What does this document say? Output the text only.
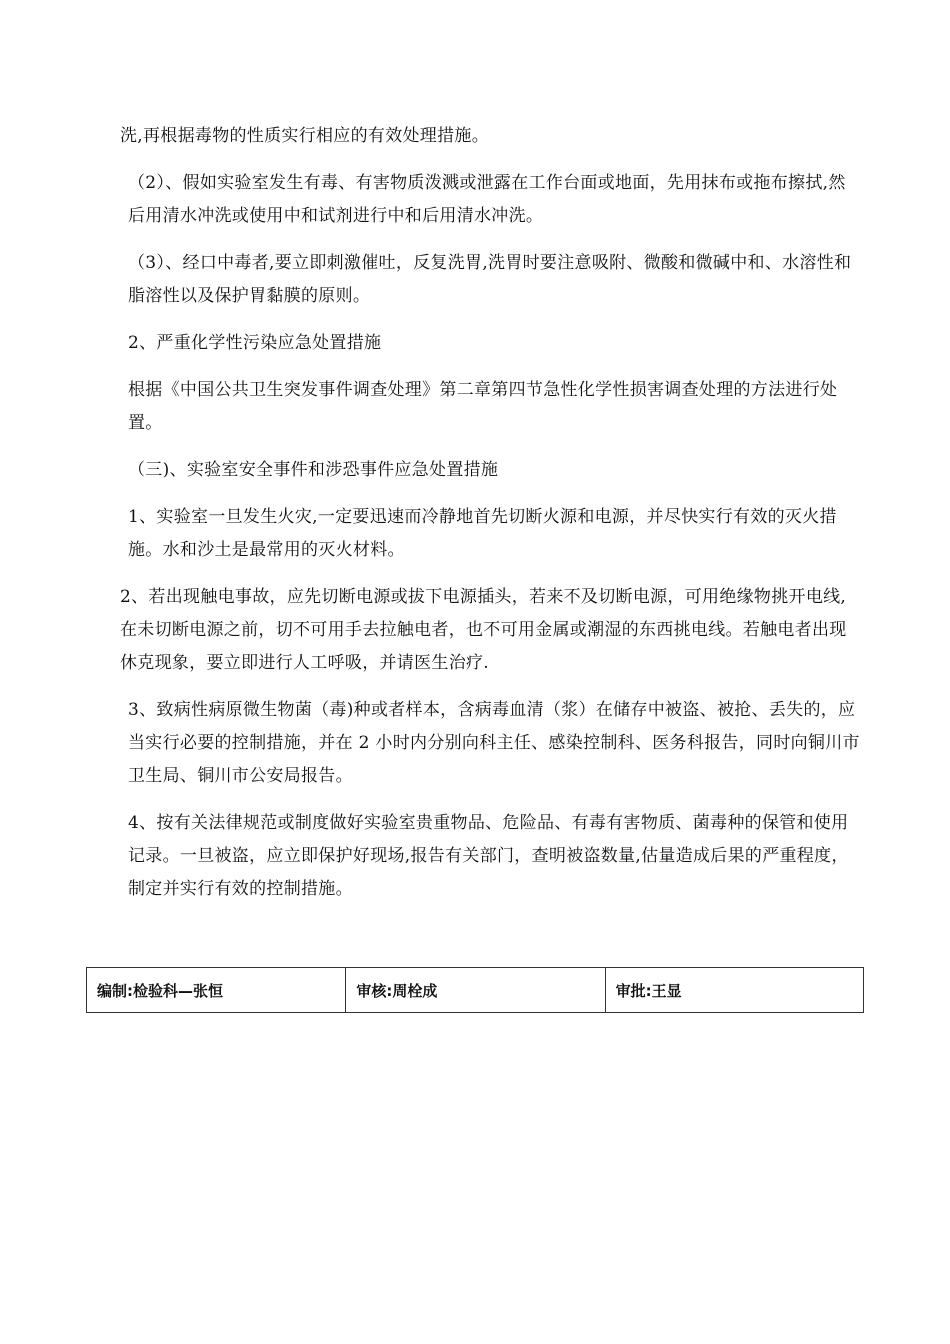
洗,再根据毒物的性质实行相应的有效处理措施。

（2）、假如实验室发生有毒、有害物质泼溅或泄露在工作台面或地面，先用抹布或拖布擦拭,然后用清水冲洗或使用中和试剂进行中和后用清水冲洗。

（3）、经口中毒者,要立即刺激催吐，反复洗胃,洗胃时要注意吸附、微酸和微碱中和、水溶性和脂溶性以及保护胃黏膜的原则。

2、严重化学性污染应急处置措施

根据《中国公共卫生突发事件调查处理》第二章第四节急性化学性损害调查处理的方法进行处置。

（三)、实验室安全事件和涉恐事件应急处置措施

1、实验室一旦发生火灾,一定要迅速而冷静地首先切断火源和电源，并尽快实行有效的灭火措施。水和沙土是最常用的灭火材料。

2、若出现触电事故，应先切断电源或拔下电源插头，若来不及切断电源，可用绝缘物挑开电线,在未切断电源之前，切不可用手去拉触电者，也不可用金属或潮湿的东西挑电线。若触电者出现休克现象，要立即进行人工呼吸，并请医生治疗.

3、致病性病原微生物菌（毒)种或者样本，含病毒血清（浆）在储存中被盗、被抢、丢失的，应当实行必要的控制措施，并在 2 小时内分别向科主任、感染控制科、医务科报告，同时向铜川市卫生局、铜川市公安局报告。

4、按有关法律规范或制度做好实验室贵重物品、危险品、有毒有害物质、菌毒种的保管和使用记录。一旦被盗，应立即保护好现场,报告有关部门，查明被盗数量,估量造成后果的严重程度，制定并实行有效的控制措施。

编制:检验科—张恒	审核:周栓成	审批:王显
